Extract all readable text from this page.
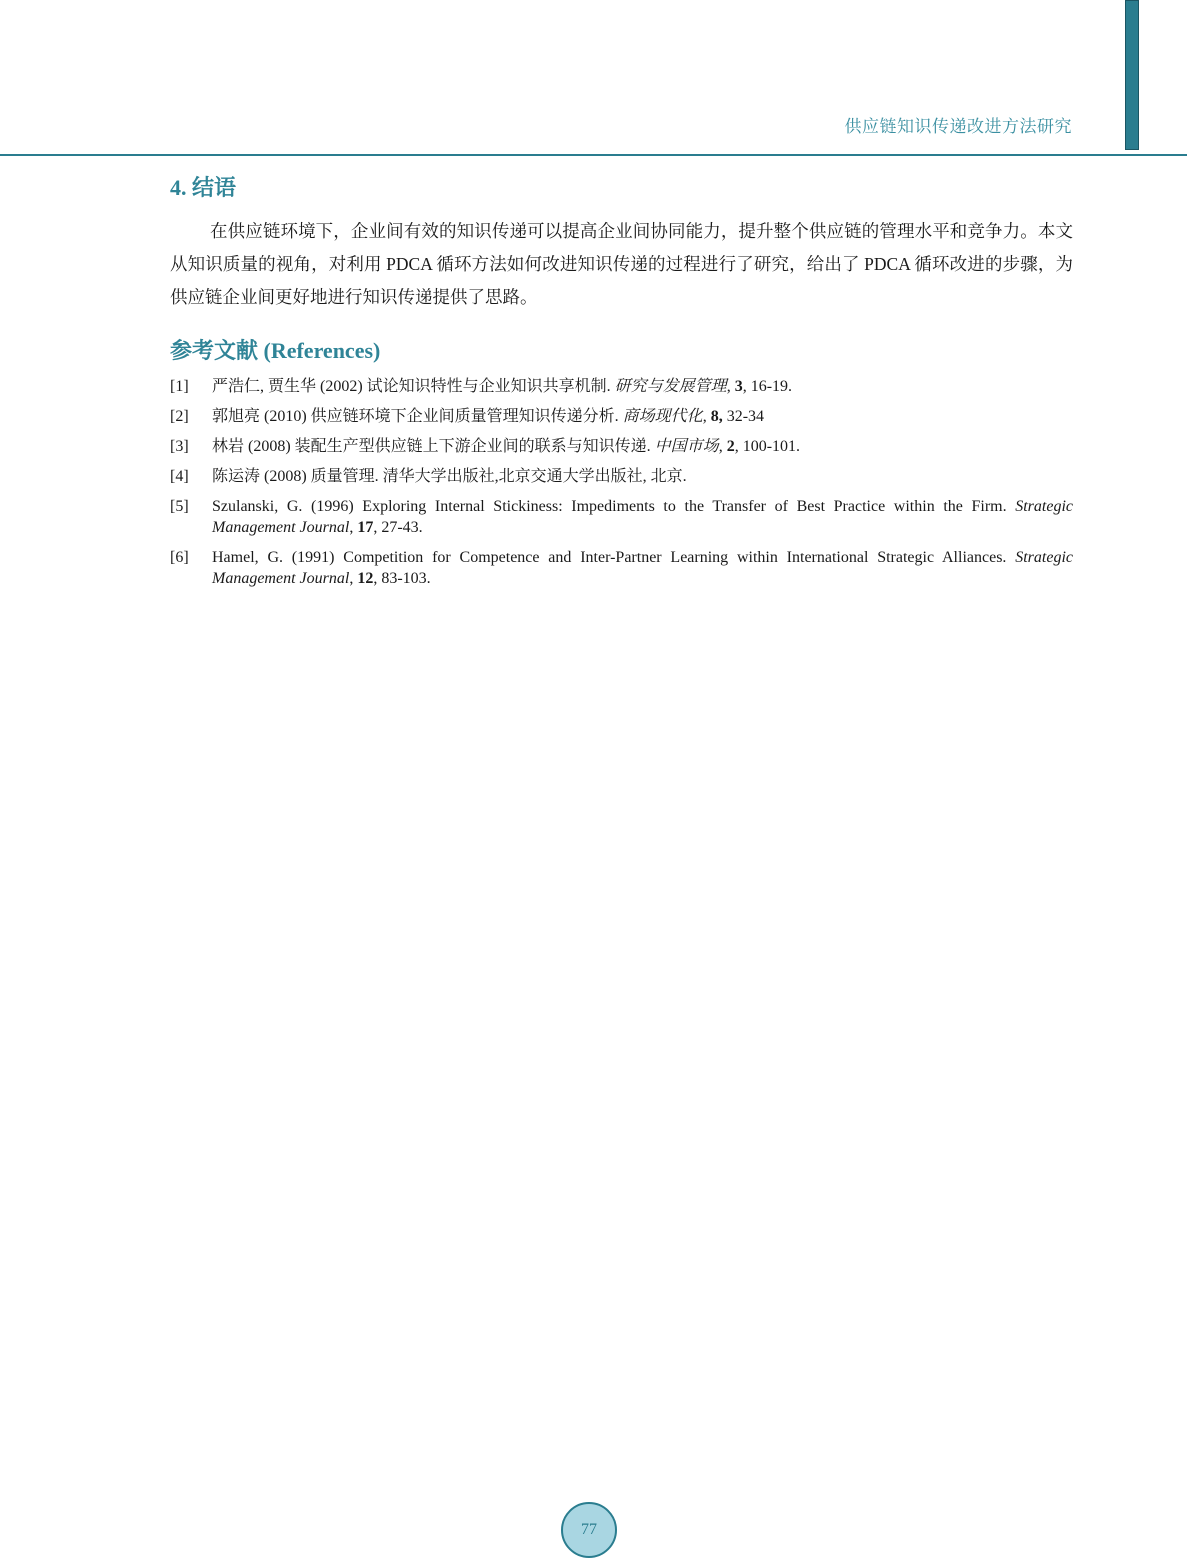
供应链知识传递改进方法研究
4. 结语

在供应链环境下，企业间有效的知识传递可以提高企业间协同能力，提升整个供应链的管理水平和竞争力。本文从知识质量的视角，对利用 PDCA 循环方法如何改进知识传递的过程进行了研究，给出了 PDCA 循环改进的步骤，为供应链企业间更好地进行知识传递提供了思路。

参考文献 (References)
[1] 严浩仁, 贾生华 (2002) 试论知识特性与企业知识共享机制. 研究与发展管理, 3, 16-19.
[2] 郭旭亮 (2010) 供应链环境下企业间质量管理知识传递分析. 商场现代化, 8, 32-34
[3] 林岩 (2008) 装配生产型供应链上下游企业间的联系与知识传递. 中国市场, 2, 100-101.
[4] 陈运涛 (2008) 质量管理. 清华大学出版社,北京交通大学出版社, 北京.
[5] Szulanski, G. (1996) Exploring Internal Stickiness: Impediments to the Transfer of Best Practice within the Firm. Strategic Management Journal, 17, 27-43.
[6] Hamel, G. (1991) Competition for Competence and Inter-Partner Learning within International Strategic Alliances. Strategic Management Journal, 12, 83-103.
77
